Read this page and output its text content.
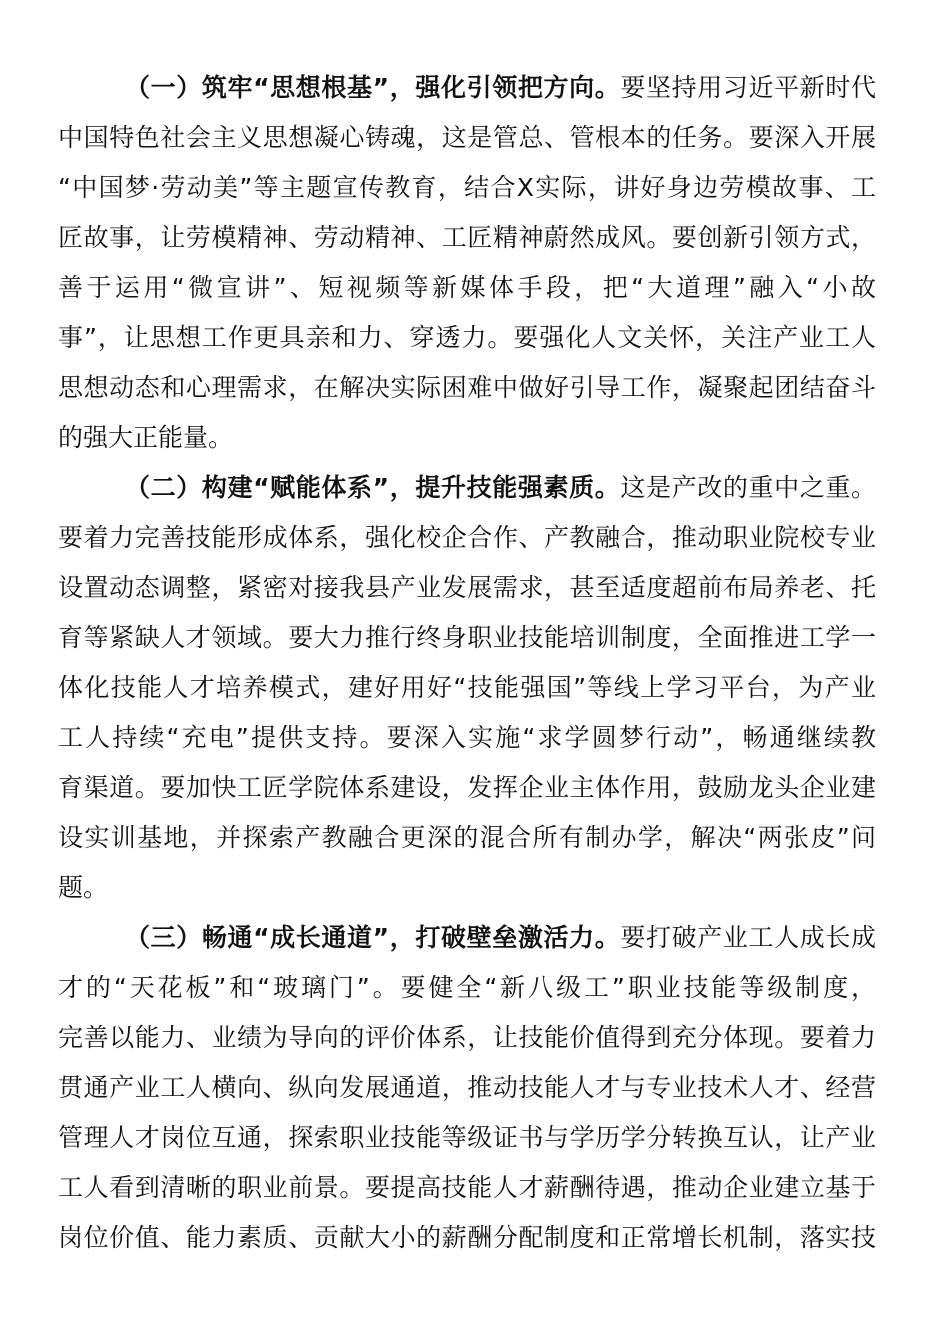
（一）筑牢“思想根基”，强化引领把方向。要坚持用习近平新时代
中国特色社会主义思想凝心铸魂，这是管总、管根本的任务。要深入开展
“中国梦·劳动美”等主题宣传教育，结合X实际，讲好身边劳模故事、工
匠故事，让劳模精神、劳动精神、工匠精神蔚然成风。要创新引领方式，
善于运用“微宣讲”、短视频等新媒体手段，把“大道理”融入“小故
事”，让思想工作更具亲和力、穿透力。要强化人文关怀，关注产业工人
思想动态和心理需求，在解决实际困难中做好引导工作，凝聚起团结奋斗
的强大正能量。
（二）构建“赋能体系”，提升技能强素质。这是产改的重中之重。
要着力完善技能形成体系，强化校企合作、产教融合，推动职业院校专业
设置动态调整，紧密对接我县产业发展需求，甚至适度超前布局养老、托
育等紧缺人才领域。要大力推行终身职业技能培训制度，全面推进工学一
体化技能人才培养模式，建好用好“技能强国”等线上学习平台，为产业
工人持续“充电”提供支持。要深入实施“求学圆梦行动”，畅通继续教
育渠道。要加快工匠学院体系建设，发挥企业主体作用，鼓励龙头企业建
设实训基地，并探索产教融合更深的混合所有制办学，解决“两张皮”问
题。
（三）畅通“成长通道”，打破壁垒激活力。要打破产业工人成长成
才的“天花板”和“玻璃门”。要健全“新八级工”职业技能等级制度，
完善以能力、业绩为导向的评价体系，让技能价值得到充分体现。要着力
贯通产业工人横向、纵向发展通道，推动技能人才与专业技术人才、经营
管理人才岗位互通，探索职业技能等级证书与学历学分转换互认，让产业
工人看到清晰的职业前景。要提高技能人才薪酬待遇，推动企业建立基于
岗位价值、能力素质、贡献大小的薪酬分配制度和正常增长机制，落实技
